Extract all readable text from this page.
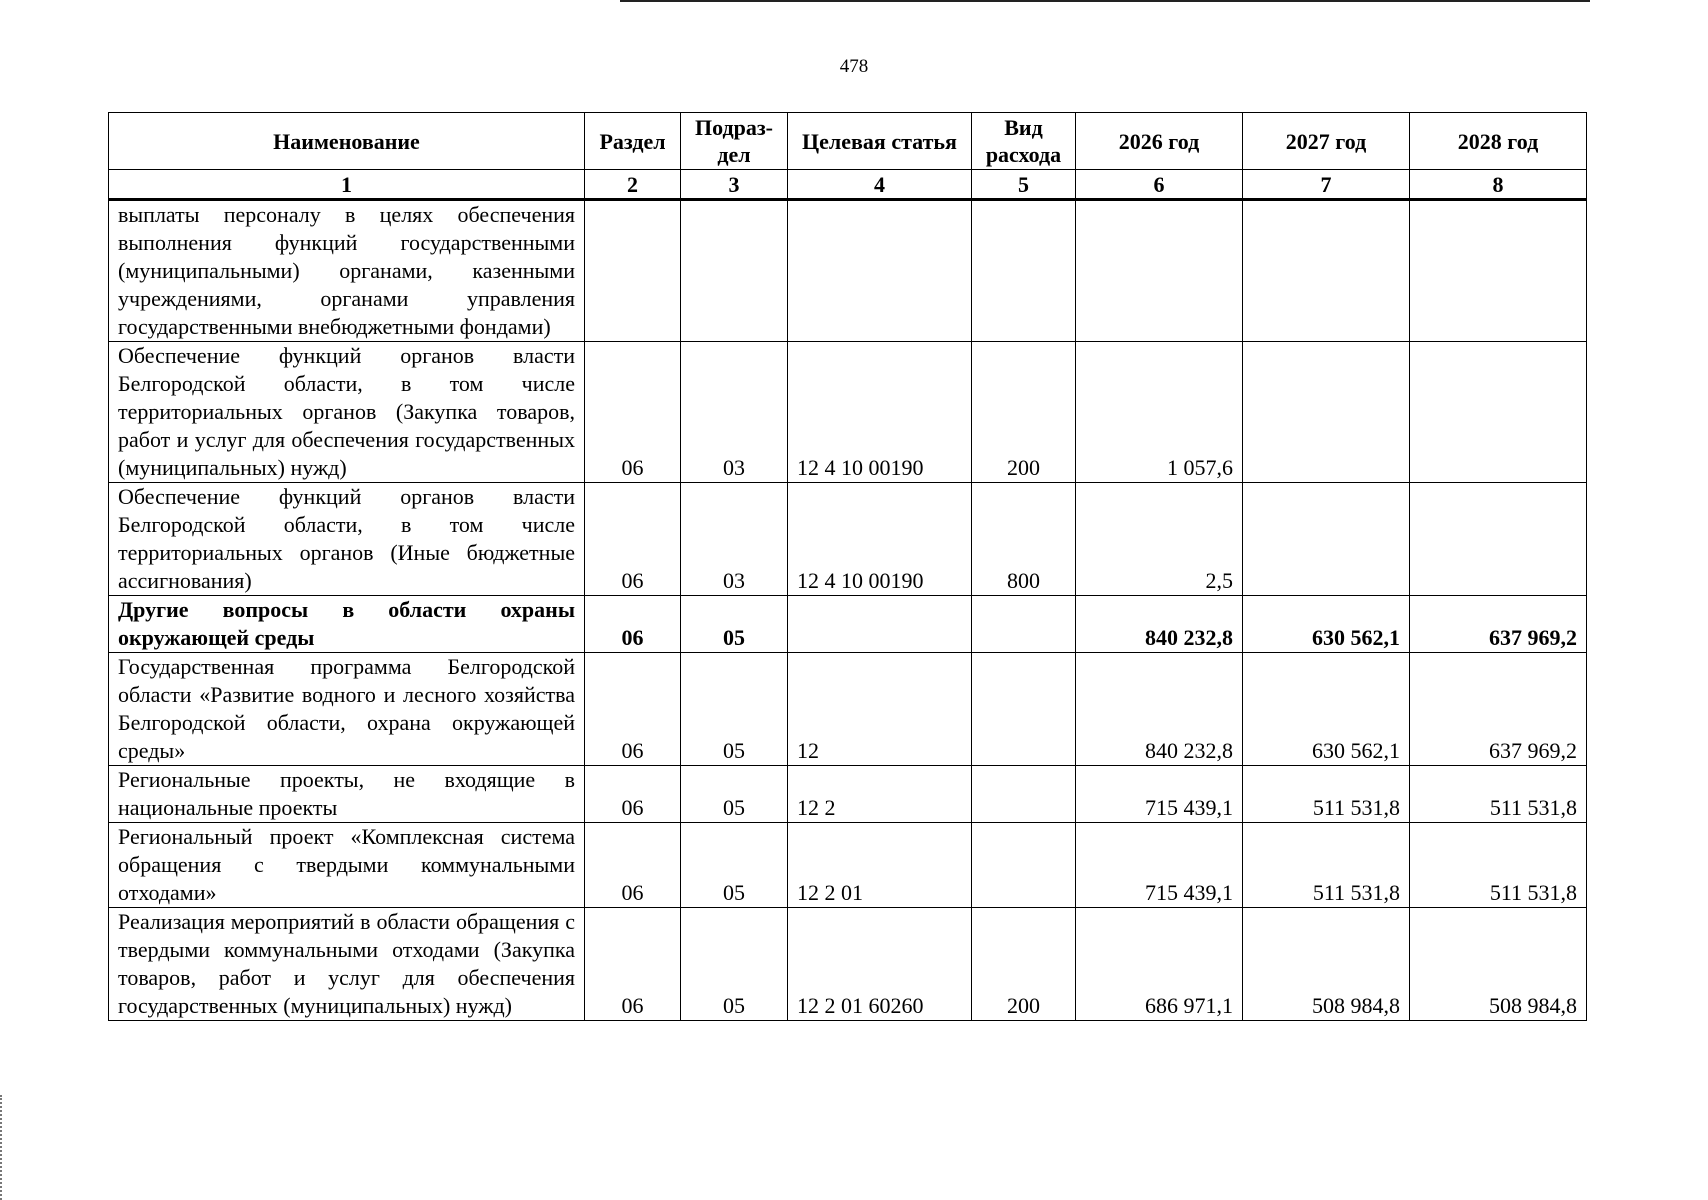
478
Наименование	Раздел	Подраз-дел	Целевая статья	Вид расхода	2026 год	2027 год	2028 год
1	2	3	4	5	6	7	8
выплаты персоналу в целях обеспечения выполнения функций государственными (муниципальными) органами, казенными учреждениями, органами управления государственными внебюджетными фондами)							
Обеспечение функций органов власти Белгородской области, в том числе территориальных органов (Закупка товаров, работ и услуг для обеспечения государственных (муниципальных) нужд)	06	03	12 4 10 00190	200	1 057,6		
Обеспечение функций органов власти Белгородской области, в том числе территориальных органов (Иные бюджетные ассигнования)	06	03	12 4 10 00190	800	2,5		
Другие вопросы в области охраны окружающей среды	06	05			840 232,8	630 562,1	637 969,2
Государственная программа Белгородской области «Развитие водного и лесного хозяйства Белгородской области, охрана окружающей среды»	06	05	12		840 232,8	630 562,1	637 969,2
Региональные проекты, не входящие в национальные проекты	06	05	12 2		715 439,1	511 531,8	511 531,8
Региональный проект «Комплексная система обращения с твердыми коммунальными отходами»	06	05	12 2 01		715 439,1	511 531,8	511 531,8
Реализация мероприятий в области обращения с твердыми коммунальными отходами (Закупка товаров, работ и услуг для обеспечения государственных (муниципальных) нужд)	06	05	12 2 01 60260	200	686 971,1	508 984,8	508 984,8
